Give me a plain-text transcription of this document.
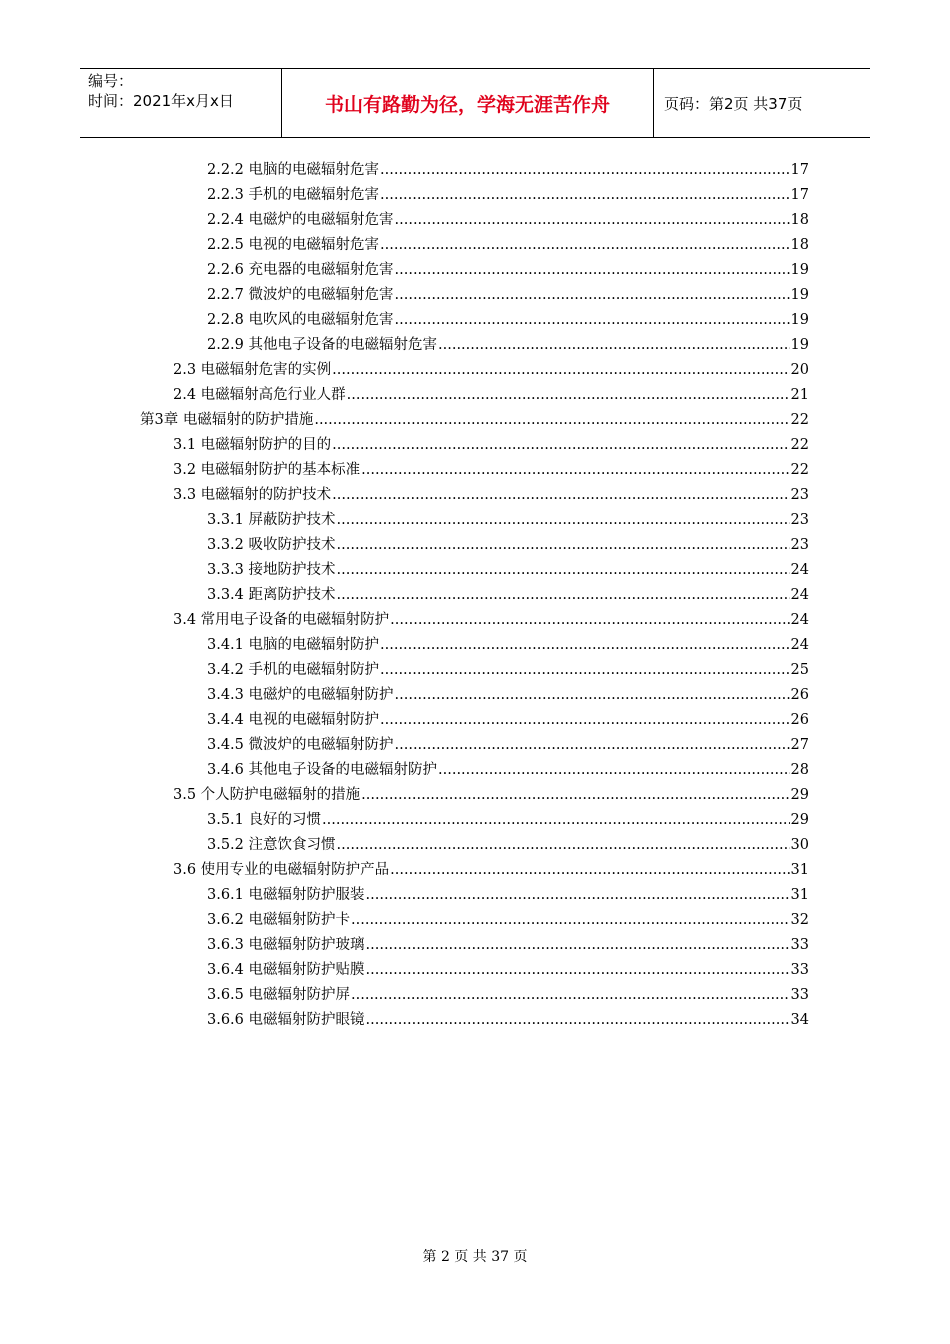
编号：
时间：2021年x月x日	书山有路勤为径，学海无涯苦作舟	页码：第2页 共37页
2.2.2 电脑的电磁辐射危害 .....	17
2.2.3 手机的电磁辐射危害 .....	17
2.2.4 电磁炉的电磁辐射危害 .....	18
2.2.5 电视的电磁辐射危害 .....	18
2.2.6 充电器的电磁辐射危害 .....	19
2.2.7 微波炉的电磁辐射危害 .....	19
2.2.8 电吹风的电磁辐射危害 .....	19
2.2.9 其他电子设备的电磁辐射危害 .....	19
2.3 电磁辐射危害的实例 .....	20
2.4 电磁辐射高危行业人群 .....	21
第3章 电磁辐射的防护措施 .....	22
3.1 电磁辐射防护的目的 .....	22
3.2 电磁辐射防护的基本标准 .....	22
3.3 电磁辐射的防护技术 .....	23
3.3.1 屏蔽防护技术 .....	23
3.3.2 吸收防护技术 .....	23
3.3.3 接地防护技术 .....	24
3.3.4 距离防护技术 .....	24
3.4 常用电子设备的电磁辐射防护 .....	24
3.4.1 电脑的电磁辐射防护 .....	24
3.4.2 手机的电磁辐射防护 .....	25
3.4.3 电磁炉的电磁辐射防护 .....	26
3.4.4 电视的电磁辐射防护 .....	26
3.4.5 微波炉的电磁辐射防护 .....	27
3.4.6 其他电子设备的电磁辐射防护 .....	28
3.5 个人防护电磁辐射的措施 .....	29
3.5.1 良好的习惯 .....	29
3.5.2 注意饮食习惯 .....	30
3.6 使用专业的电磁辐射防护产品 .....	31
3.6.1 电磁辐射防护服装 .....	31
3.6.2 电磁辐射防护卡 .....	32
3.6.3 电磁辐射防护玻璃 .....	33
3.6.4 电磁辐射防护贴膜 .....	33
3.6.5 电磁辐射防护屏 .....	33
3.6.6 电磁辐射防护眼镜 .....	34
第 2 页 共 37 页
